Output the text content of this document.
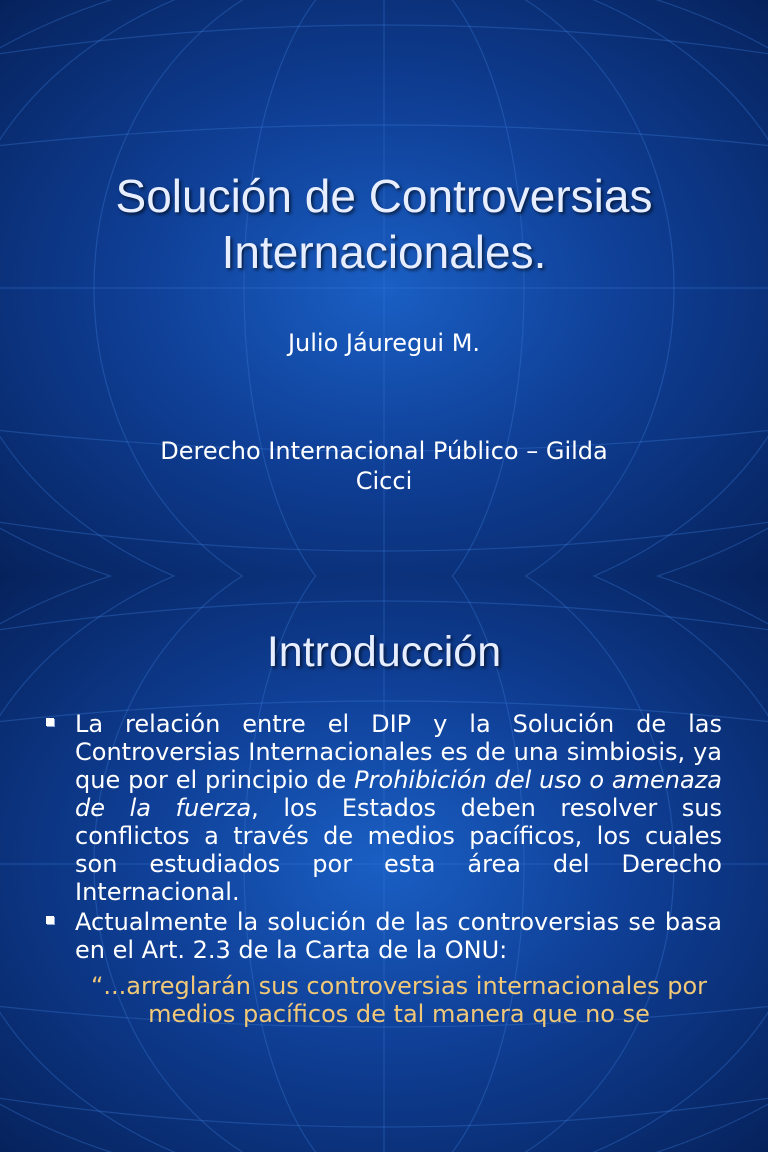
Solución de Controversias
Internacionales.
Julio Jáuregui M.
Derecho Internacional Público – Gilda
Cicci
Introducción
La relación entre el DIP y la Solución de las Controversias Internacionales es de una simbiosis, ya que por el principio de Prohibición del uso o amenaza de la fuerza, los Estados deben resolver sus conflictos a través de medios pacíficos, los cuales son estudiados por esta área del Derecho Internacional.
Actualmente la solución de las controversias se basa en el Art. 2.3 de la Carta de la ONU:
“...arreglarán sus controversias internacionales por medios pacíficos de tal manera que no se
